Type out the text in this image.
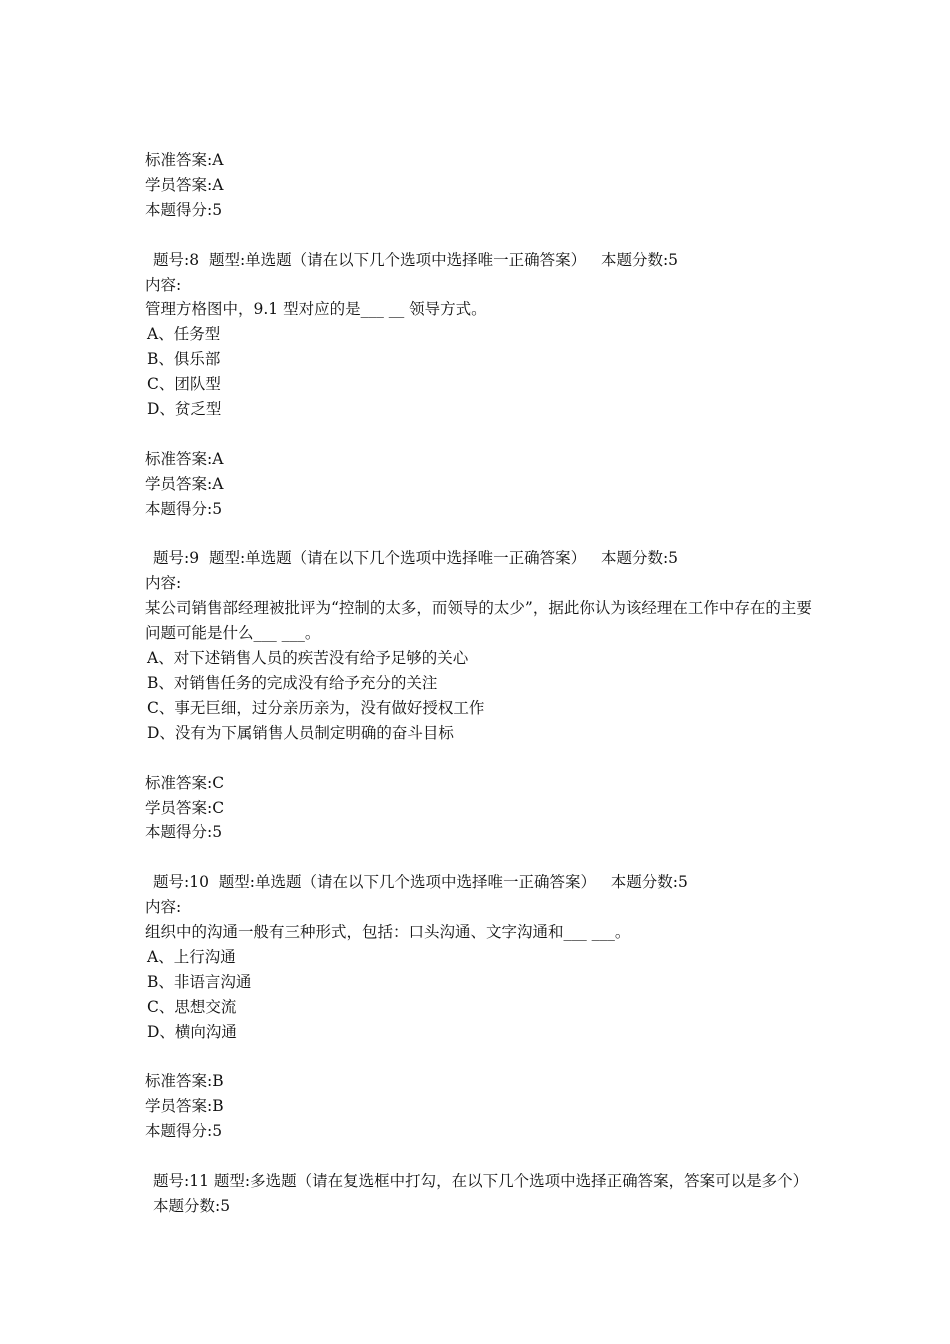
标准答案:A
学员答案:A
本题得分:5
题号:8  题型:单选题（请在以下几个选项中选择唯一正确答案）   本题分数:5
内容:
管理方格图中，9.1 型对应的是___ __ 领导方式。
A、任务型
B、俱乐部
C、团队型
D、贫乏型
标准答案:A
学员答案:A
本题得分:5
题号:9  题型:单选题（请在以下几个选项中选择唯一正确答案）   本题分数:5
内容:
某公司销售部经理被批评为“控制的太多，而领导的太少”，据此你认为该经理在工作中存在的主要问题可能是什么___ ___。
A、对下述销售人员的疾苦没有给予足够的关心
B、对销售任务的完成没有给予充分的关注
C、事无巨细，过分亲历亲为，没有做好授权工作
D、没有为下属销售人员制定明确的奋斗目标
标准答案:C
学员答案:C
本题得分:5
题号:10  题型:单选题（请在以下几个选项中选择唯一正确答案）   本题分数:5
内容:
组织中的沟通一般有三种形式，包括：口头沟通、文字沟通和___ ___。
A、上行沟通
B、非语言沟通
C、思想交流
D、横向沟通
标准答案:B
学员答案:B
本题得分:5
题号:11 题型:多选题（请在复选框中打勾，在以下几个选项中选择正确答案，答案可以是多个） 本题分数:5
